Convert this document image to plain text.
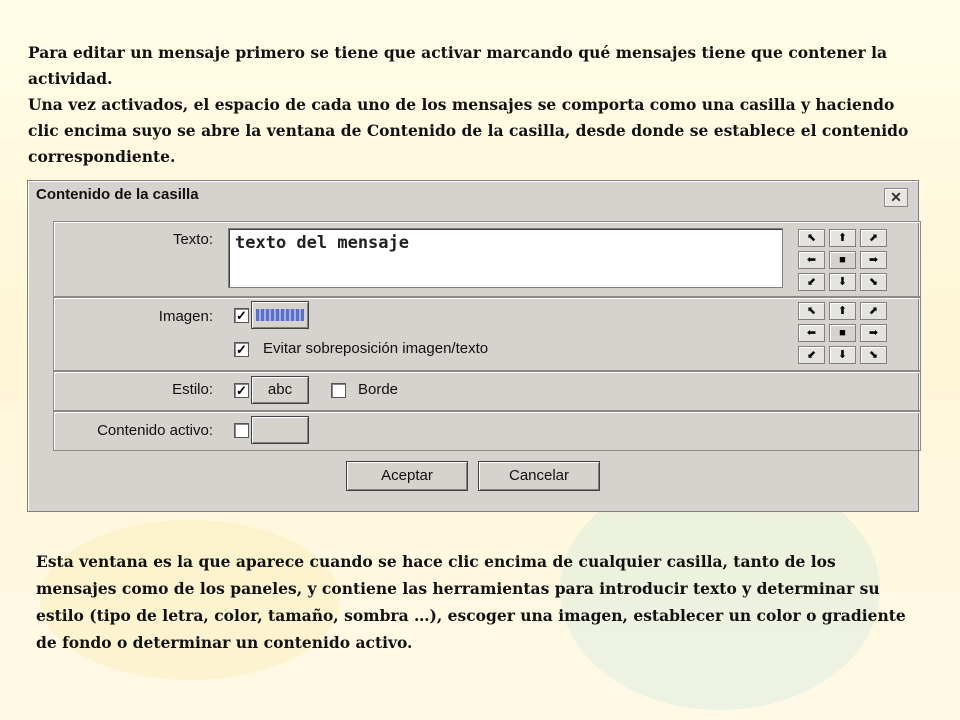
Para editar un mensaje primero se tiene que activar marcando qué mensajes tiene que contener la actividad.

Una vez activados, el espacio de cada uno de los mensajes se comporta como una casilla y haciendo clic encima suyo se abre la ventana de Contenido de la casilla, desde donde se establece el contenido correspondiente.

Contenido de la casilla	✕
Texto:	texto del mensaje	⬉	⬆	⬈
⬅	■	➡
⬋	⬇	⬊
Imagen: ✓
✓ Evitar sobreposición imagen/texto
⬉	⬆	⬈
⬅	■	➡
⬋	⬇	⬊
Estilo: ✓	abc	Borde
Contenido activo:
Aceptar	Cancelar

Esta ventana es la que aparece cuando se hace clic encima de cualquier casilla, tanto de los mensajes como de los paneles, y contiene las herramientas para introducir texto y determinar su estilo (tipo de letra, color, tamaño, sombra …), escoger una imagen, establecer un color o gradiente de fondo o determinar un contenido activo.
